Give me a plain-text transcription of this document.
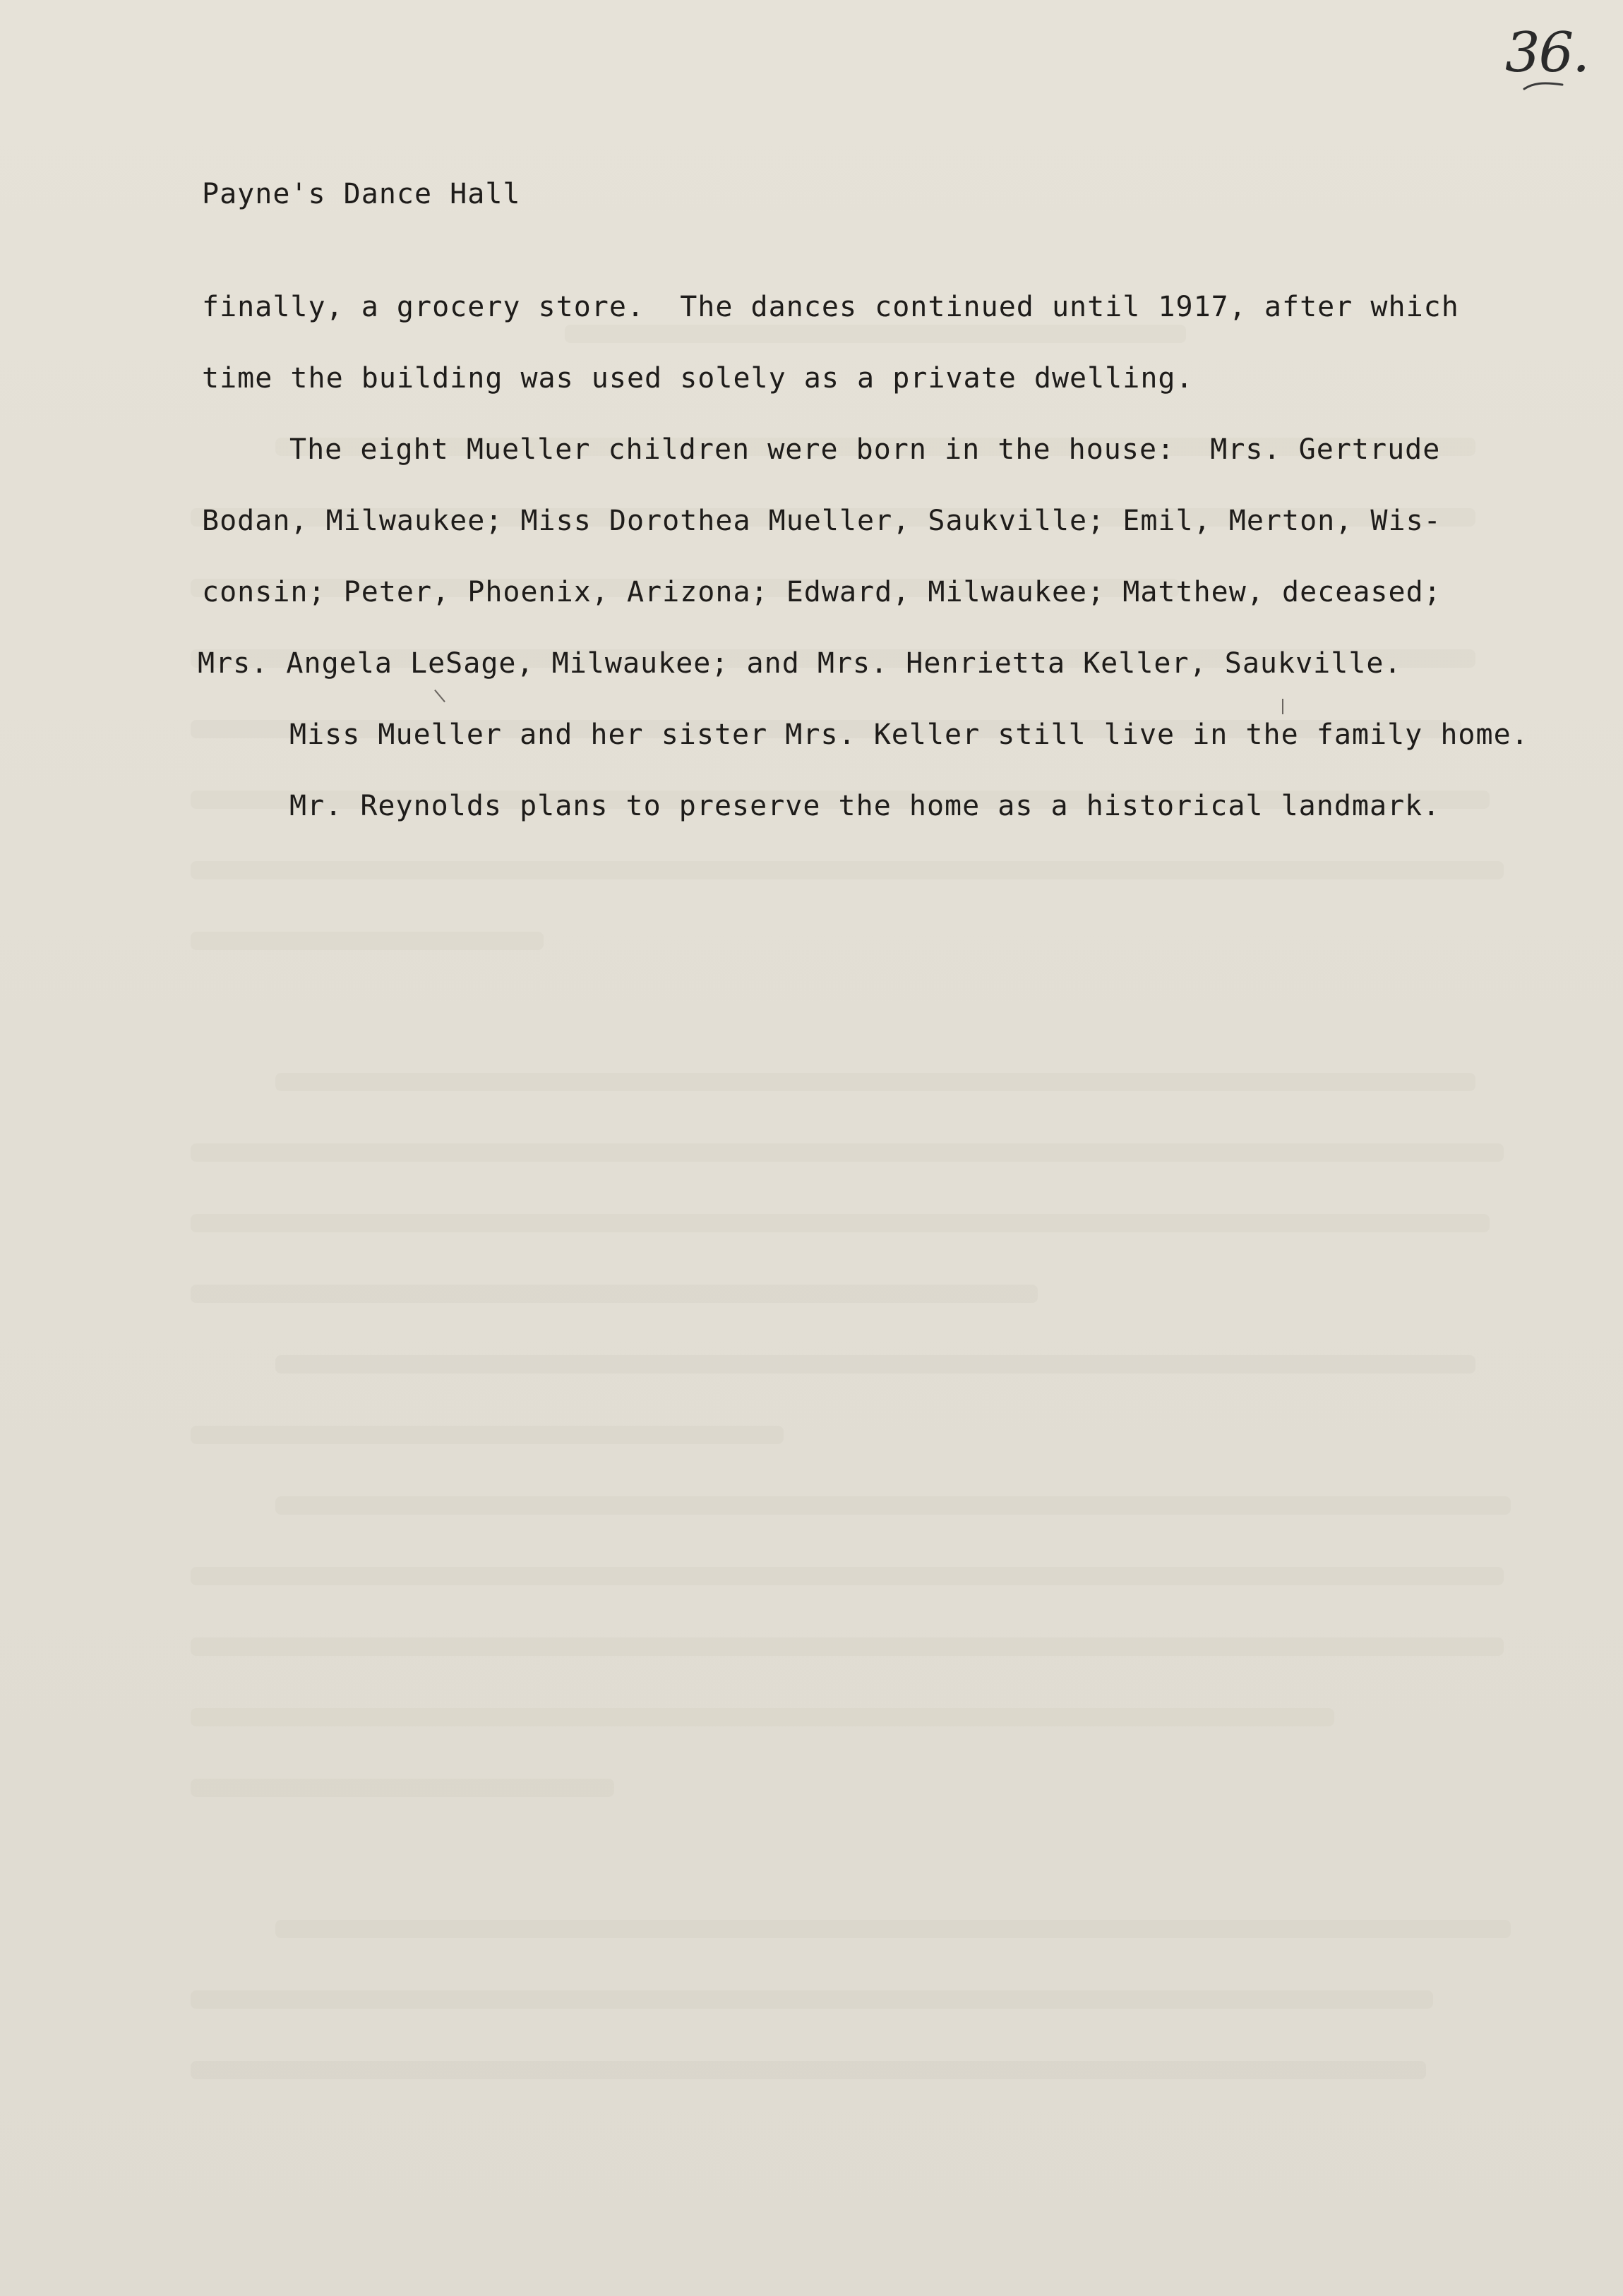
36.
Payne's Dance Hall
finally, a grocery store.  The dances continued until 1917, after which
time the building was used solely as a private dwelling.
The eight Mueller children were born in the house:  Mrs. Gertrude
Bodan, Milwaukee; Miss Dorothea Mueller, Saukville; Emil, Merton, Wis-
consin; Peter, Phoenix, Arizona; Edward, Milwaukee; Matthew, deceased;
Mrs. Angela LeSage, Milwaukee; and Mrs. Henrietta Keller, Saukville.
Miss Mueller and her sister Mrs. Keller still live in the family home.
Mr. Reynolds plans to preserve the home as a historical landmark.
